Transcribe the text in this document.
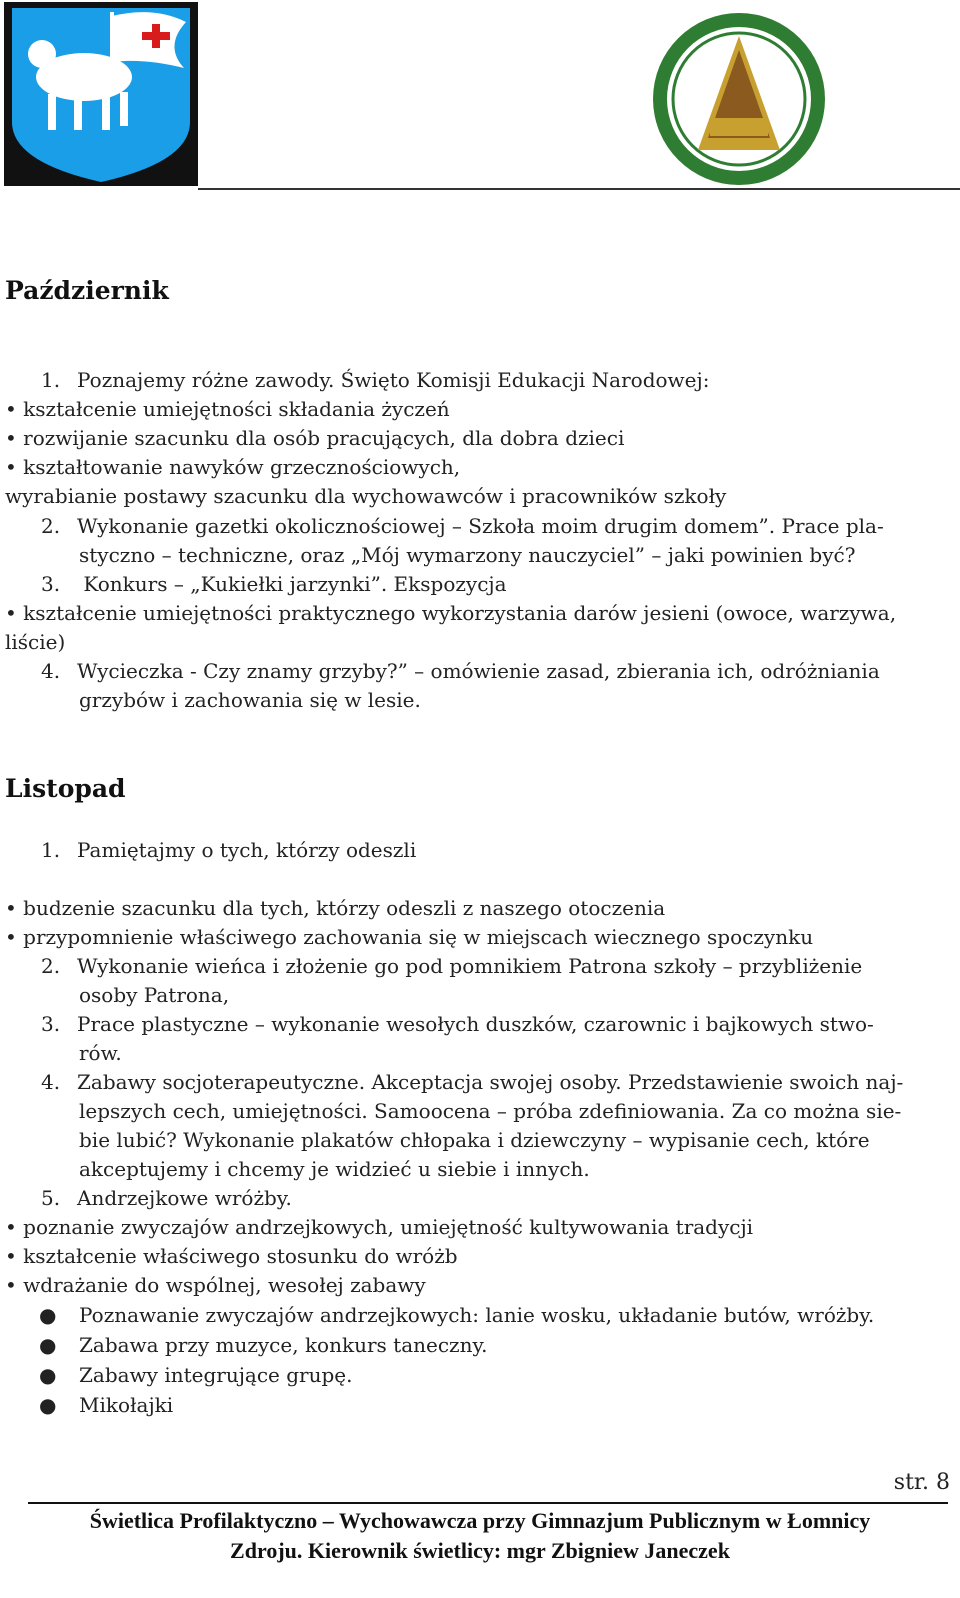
Październik
1. Poznajemy różne zawody. Święto Komisji Edukacji Narodowej:
• kształcenie umiejętności składania życzeń
• rozwijanie szacunku dla osób pracujących, dla dobra dzieci
• kształtowanie nawyków grzecznościowych,
wyrabianie postawy szacunku dla wychowawców i pracowników szkoły
2. Wykonanie gazetki okolicznościowej – Szkoła moim drugim domem”. Prace pla-
styczno – techniczne, oraz „Mój wymarzony nauczyciel” – jaki powinien być?
3. Konkurs – „Kukiełki jarzynki”. Ekspozycja
• kształcenie umiejętności praktycznego wykorzystania darów jesieni (owoce, warzywa,
liście)
4. Wycieczka - Czy znamy grzyby?” – omówienie zasad, zbierania ich, odróżniania
grzybów i zachowania się w lesie.
Listopad
1. Pamiętajmy o tych, którzy odeszli
• budzenie szacunku dla tych, którzy odeszli z naszego otoczenia
• przypomnienie właściwego zachowania się w miejscach wiecznego spoczynku
2. Wykonanie wieńca i złożenie go pod pomnikiem Patrona szkoły – przybliżenie
osoby Patrona,
3. Prace plastyczne – wykonanie wesołych duszków, czarownic i bajkowych stwo-
rów.
4. Zabawy socjoterapeutyczne. Akceptacja swojej osoby. Przedstawienie swoich naj-
lepszych cech, umiejętności. Samoocena – próba zdefiniowania. Za co można sie-
bie lubić? Wykonanie plakatów chłopaka i dziewczyny – wypisanie cech, które
akceptujemy i chcemy je widzieć u siebie i innych.
5. Andrzejkowe wróżby.
• poznanie zwyczajów andrzejkowych, umiejętność kultywowania tradycji
• kształcenie właściwego stosunku do wróżb
• wdrażanie do wspólnej, wesołej zabawy
● Poznawanie zwyczajów andrzejkowych: lanie wosku, układanie butów, wróżby.
● Zabawa przy muzyce, konkurs taneczny.
● Zabawy integrujące grupę.
● Mikołajki
str. 8
Świetlica Profilaktyczno – Wychowawcza przy Gimnazjum Publicznym w Łomnicy
Zdroju. Kierownik świetlicy: mgr Zbigniew Janeczek
